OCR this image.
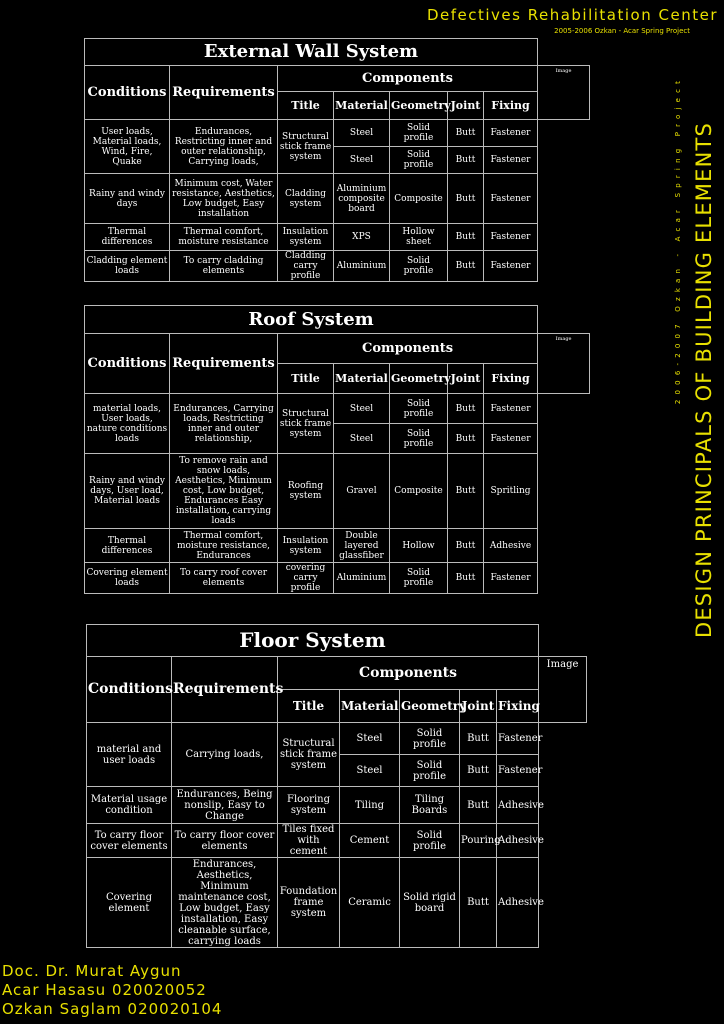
Defectives Rehabilitation Center
2005-2006 Ozkan - Acar Spring Project
DESIGN PRINCIPALS OF BUILDING ELEMENTS
2006-2007 Ozkan - Acar Spring Project
External Wall System							
Conditions	Requirements	Components					Image
		Title	Material	Geometry	Joint	Fixing	
User loads, Material loads, Wind, Fire, Quake	Endurances, Restricting inner and outer relationship, Carrying loads,	Structural stick frame system	Steel	Solid profile	Butt	Fastener	
			Steel	Solid profile	Butt	Fastener	
Rainy and windy days	Minimum cost, Water resistance, Aesthetics, Low budget, Easy installation	Cladding system	Aluminium composite board	Composite	Butt	Fastener	
Thermal differences	Thermal comfort, moisture resistance	Insulation system	XPS	Hollow sheet	Butt	Fastener	
Cladding element loads	To carry cladding elements	Cladding carry profile	Aluminium	Solid profile	Butt	Fastener	
Roof System							
Conditions	Requirements	Components					Image
		Title	Material	Geometry	Joint	Fixing	
material loads, User loads, nature conditions loads	Endurances, Carrying loads, Restricting inner and outer relationship,	Structural stick frame system	Steel	Solid profile	Butt	Fastener	
			Steel	Solid profile	Butt	Fastener	
Rainy and windy days, User load, Material loads	To remove rain and snow loads, Aesthetics, Minimum cost, Low budget, Endurances Easy installation, carrying loads	Roofing system	Gravel	Composite	Butt	Spritling	
Thermal differences	Thermal comfort, moisture resistance, Endurances	Insulation system	Double layered glassfiber	Hollow	Butt	Adhesive	
Covering element loads	To carry roof cover elements	covering carry profile	Aluminium	Solid profile	Butt	Fastener	
Floor System							
Conditions	Requirements	Components					Image
		Title	Material	Geometry	Joint	Fixing	
material and user loads	Carrying loads,	Structural stick frame system	Steel	Solid profile	Butt	Fastener	
			Steel	Solid profile	Butt	Fastener	
Material usage condition	Endurances, Being nonslip, Easy to Change	Flooring system	Tiling	Tiling Boards	Butt	Adhesive	
To carry floor cover elements	To carry floor cover elements	Tiles fixed with cement	Cement	Solid profile	Pouring	Adhesive	
Covering element	Endurances, Aesthetics, Minimum maintenance cost, Low budget, Easy installation, Easy cleanable surface, carrying loads	Foundation frame system	Ceramic	Solid rigid board	Butt	Adhesive	
Doc. Dr. Murat Aygun
Acar Hasasu 020020052
Ozkan Saglam 020020104
